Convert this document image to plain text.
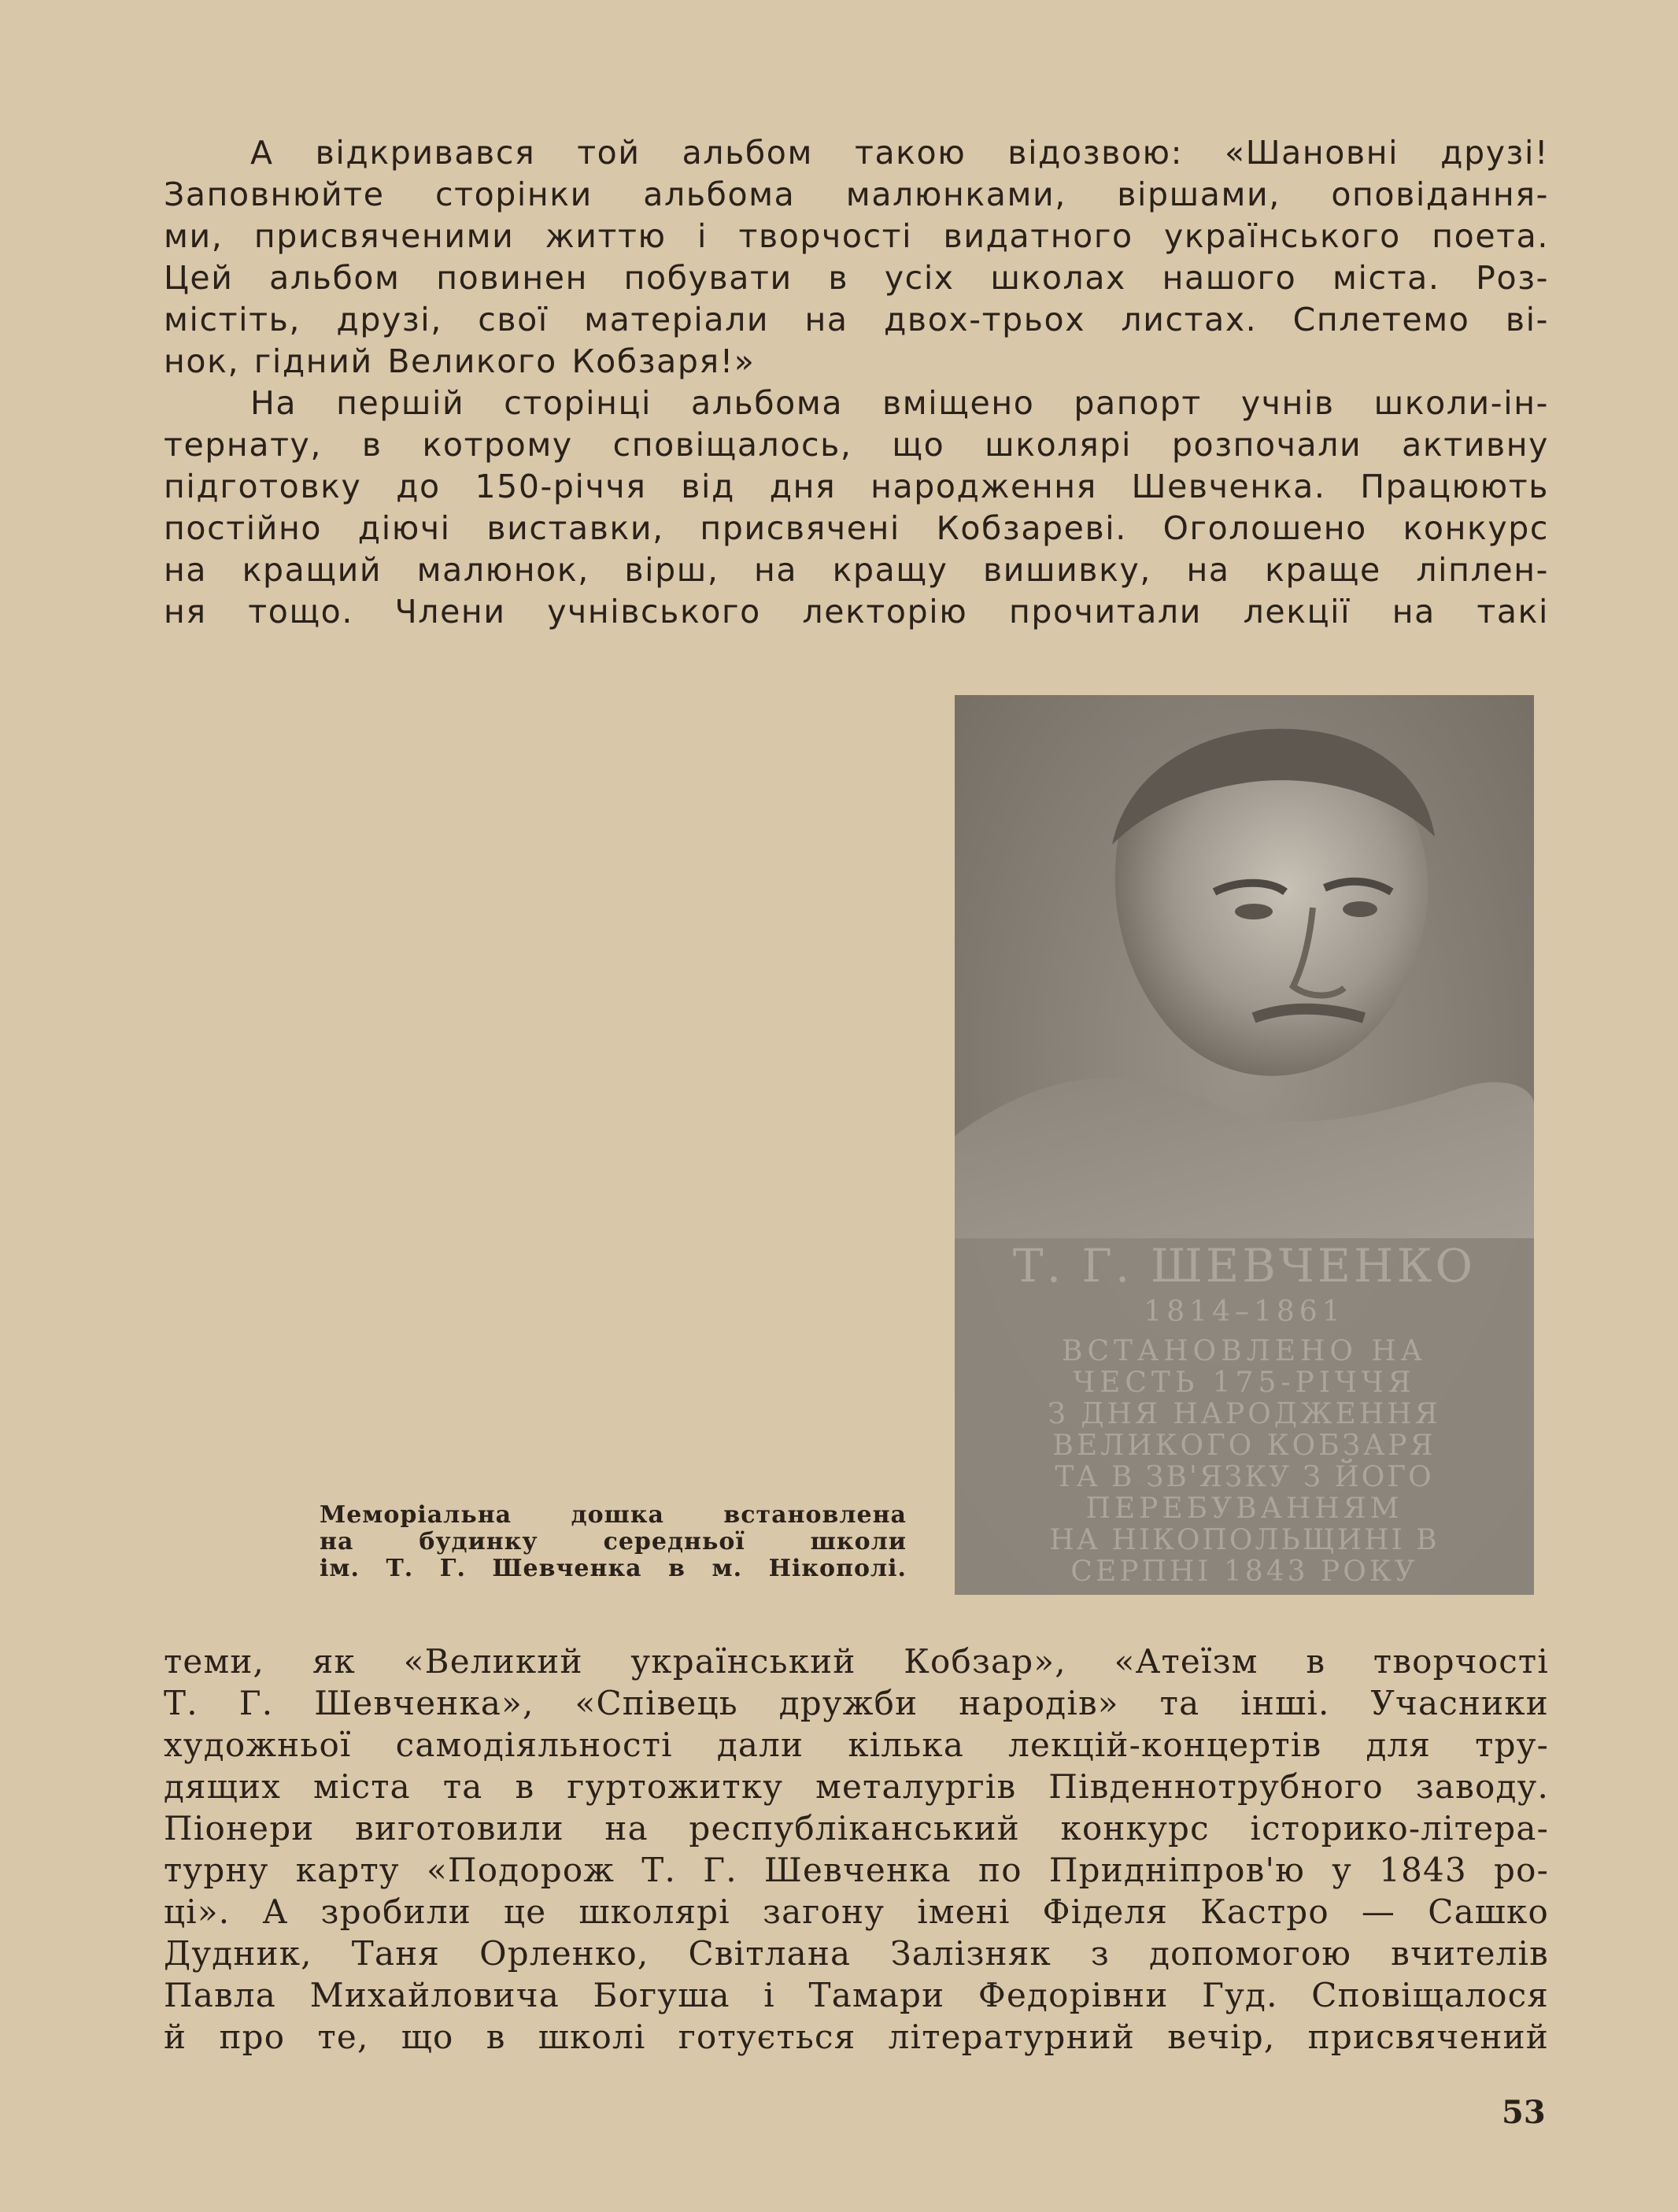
А відкривався той альбом такою відозвою: «Шановні друзі!
Заповнюйте сторінки альбома малюнками, віршами, оповідання-
ми, присвяченими життю і творчості видатного українського поета.
Цей альбом повинен побувати в усіх школах нашого міста. Роз-
містіть, друзі, свої матеріали на двох-трьох листах. Сплетемо ві-
нок, гідний Великого Кобзаря!»
На першій сторінці альбома вміщено рапорт учнів школи-ін-
тернату, в котрому сповіщалось, що школярі розпочали активну
підготовку до 150-річчя від дня народження Шевченка. Працюють
постійно діючі виставки, присвячені Кобзареві. Оголошено конкурс
на кращий малюнок, вірш, на кращу вишивку, на краще ліплен-
ня тощо. Члени учнівського лекторію прочитали лекції на такі
Т. Г. ШЕВЧЕНКО
1814–1861
ВСТАНОВЛЕНО НА
ЧЕСТЬ 175-РІЧЧЯ
З ДНЯ НАРОДЖЕННЯ
ВЕЛИКОГО КОБЗАРЯ
ТА В ЗВ'ЯЗКУ З ЙОГО
ПЕРЕБУВАННЯМ
НА НІКОПОЛЬЩИНІ В
СЕРПНІ 1843 РОКУ
Меморіальна дошка встановлена
на будинку середньої школи
ім. Т. Г. Шевченка в м. Нікополі.
теми, як «Великий український Кобзар», «Атеїзм в творчості
Т. Г. Шевченка», «Співець дружби народів» та інші. Учасники
художньої самодіяльності дали кілька лекцій-концертів для тру-
дящих міста та в гуртожитку металургів Південнотрубного заводу.
Піонери виготовили на республіканський конкурс історико-літера-
турну карту «Подорож Т. Г. Шевченка по Придніпров'ю у 1843 ро-
ці». А зробили це школярі загону імені Фіделя Кастро — Сашко
Дудник, Таня Орленко, Світлана Залізняк з допомогою вчителів
Павла Михайловича Богуша і Тамари Федорівни Гуд. Сповіщалося
й про те, що в школі готується літературний вечір, присвячений
53
